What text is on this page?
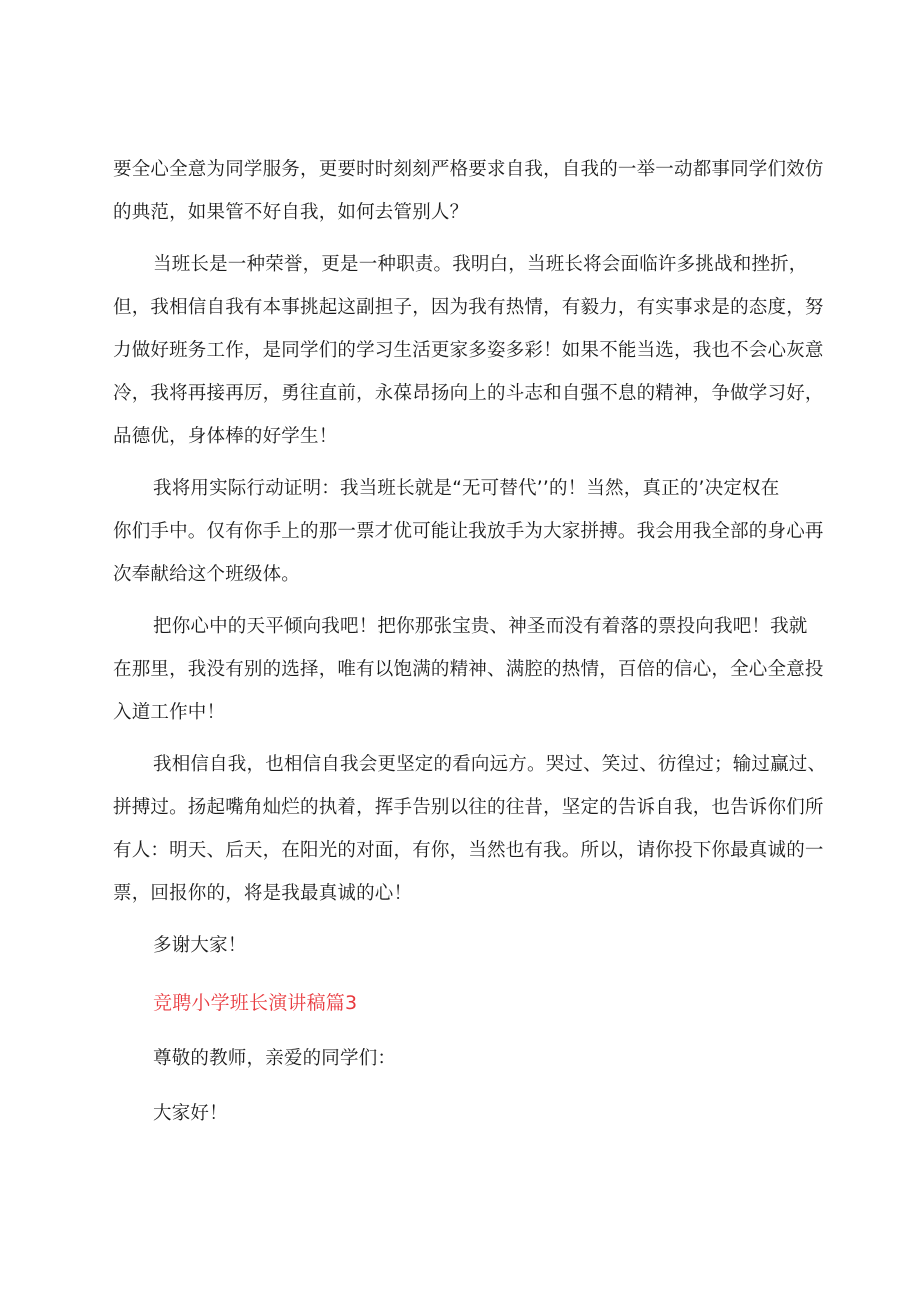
要全心全意为同学服务，更要时时刻刻严格要求自我，自我的一举一动都事同学们效仿
的典范，如果管不好自我，如何去管别人？
当班长是一种荣誉，更是一种职责。我明白，当班长将会面临许多挑战和挫折，
但，我相信自我有本事挑起这副担子，因为我有热情，有毅力，有实事求是的态度，努
力做好班务工作，是同学们的学习生活更家多姿多彩！如果不能当选，我也不会心灰意
冷，我将再接再厉，勇往直前，永葆昂扬向上的斗志和自强不息的精神，争做学习好，
品德优，身体棒的好学生！
我将用实际行动证明：我当班长就是“无可替代’’的！当然，真正的’决定权在
你们手中。仅有你手上的那一票才优可能让我放手为大家拼搏。我会用我全部的身心再
次奉献给这个班级体。
把你心中的天平倾向我吧！把你那张宝贵、神圣而没有着落的票投向我吧！我就
在那里，我没有别的选择，唯有以饱满的精神、满腔的热情，百倍的信心，全心全意投
入道工作中！
我相信自我，也相信自我会更坚定的看向远方。哭过、笑过、彷徨过；输过赢过、
拼搏过。扬起嘴角灿烂的执着，挥手告别以往的往昔，坚定的告诉自我，也告诉你们所
有人：明天、后天，在阳光的对面，有你，当然也有我。所以，请你投下你最真诚的一
票，回报你的，将是我最真诚的心！
多谢大家！
竞聘小学班长演讲稿篇3
尊敬的教师，亲爱的同学们：
大家好！
